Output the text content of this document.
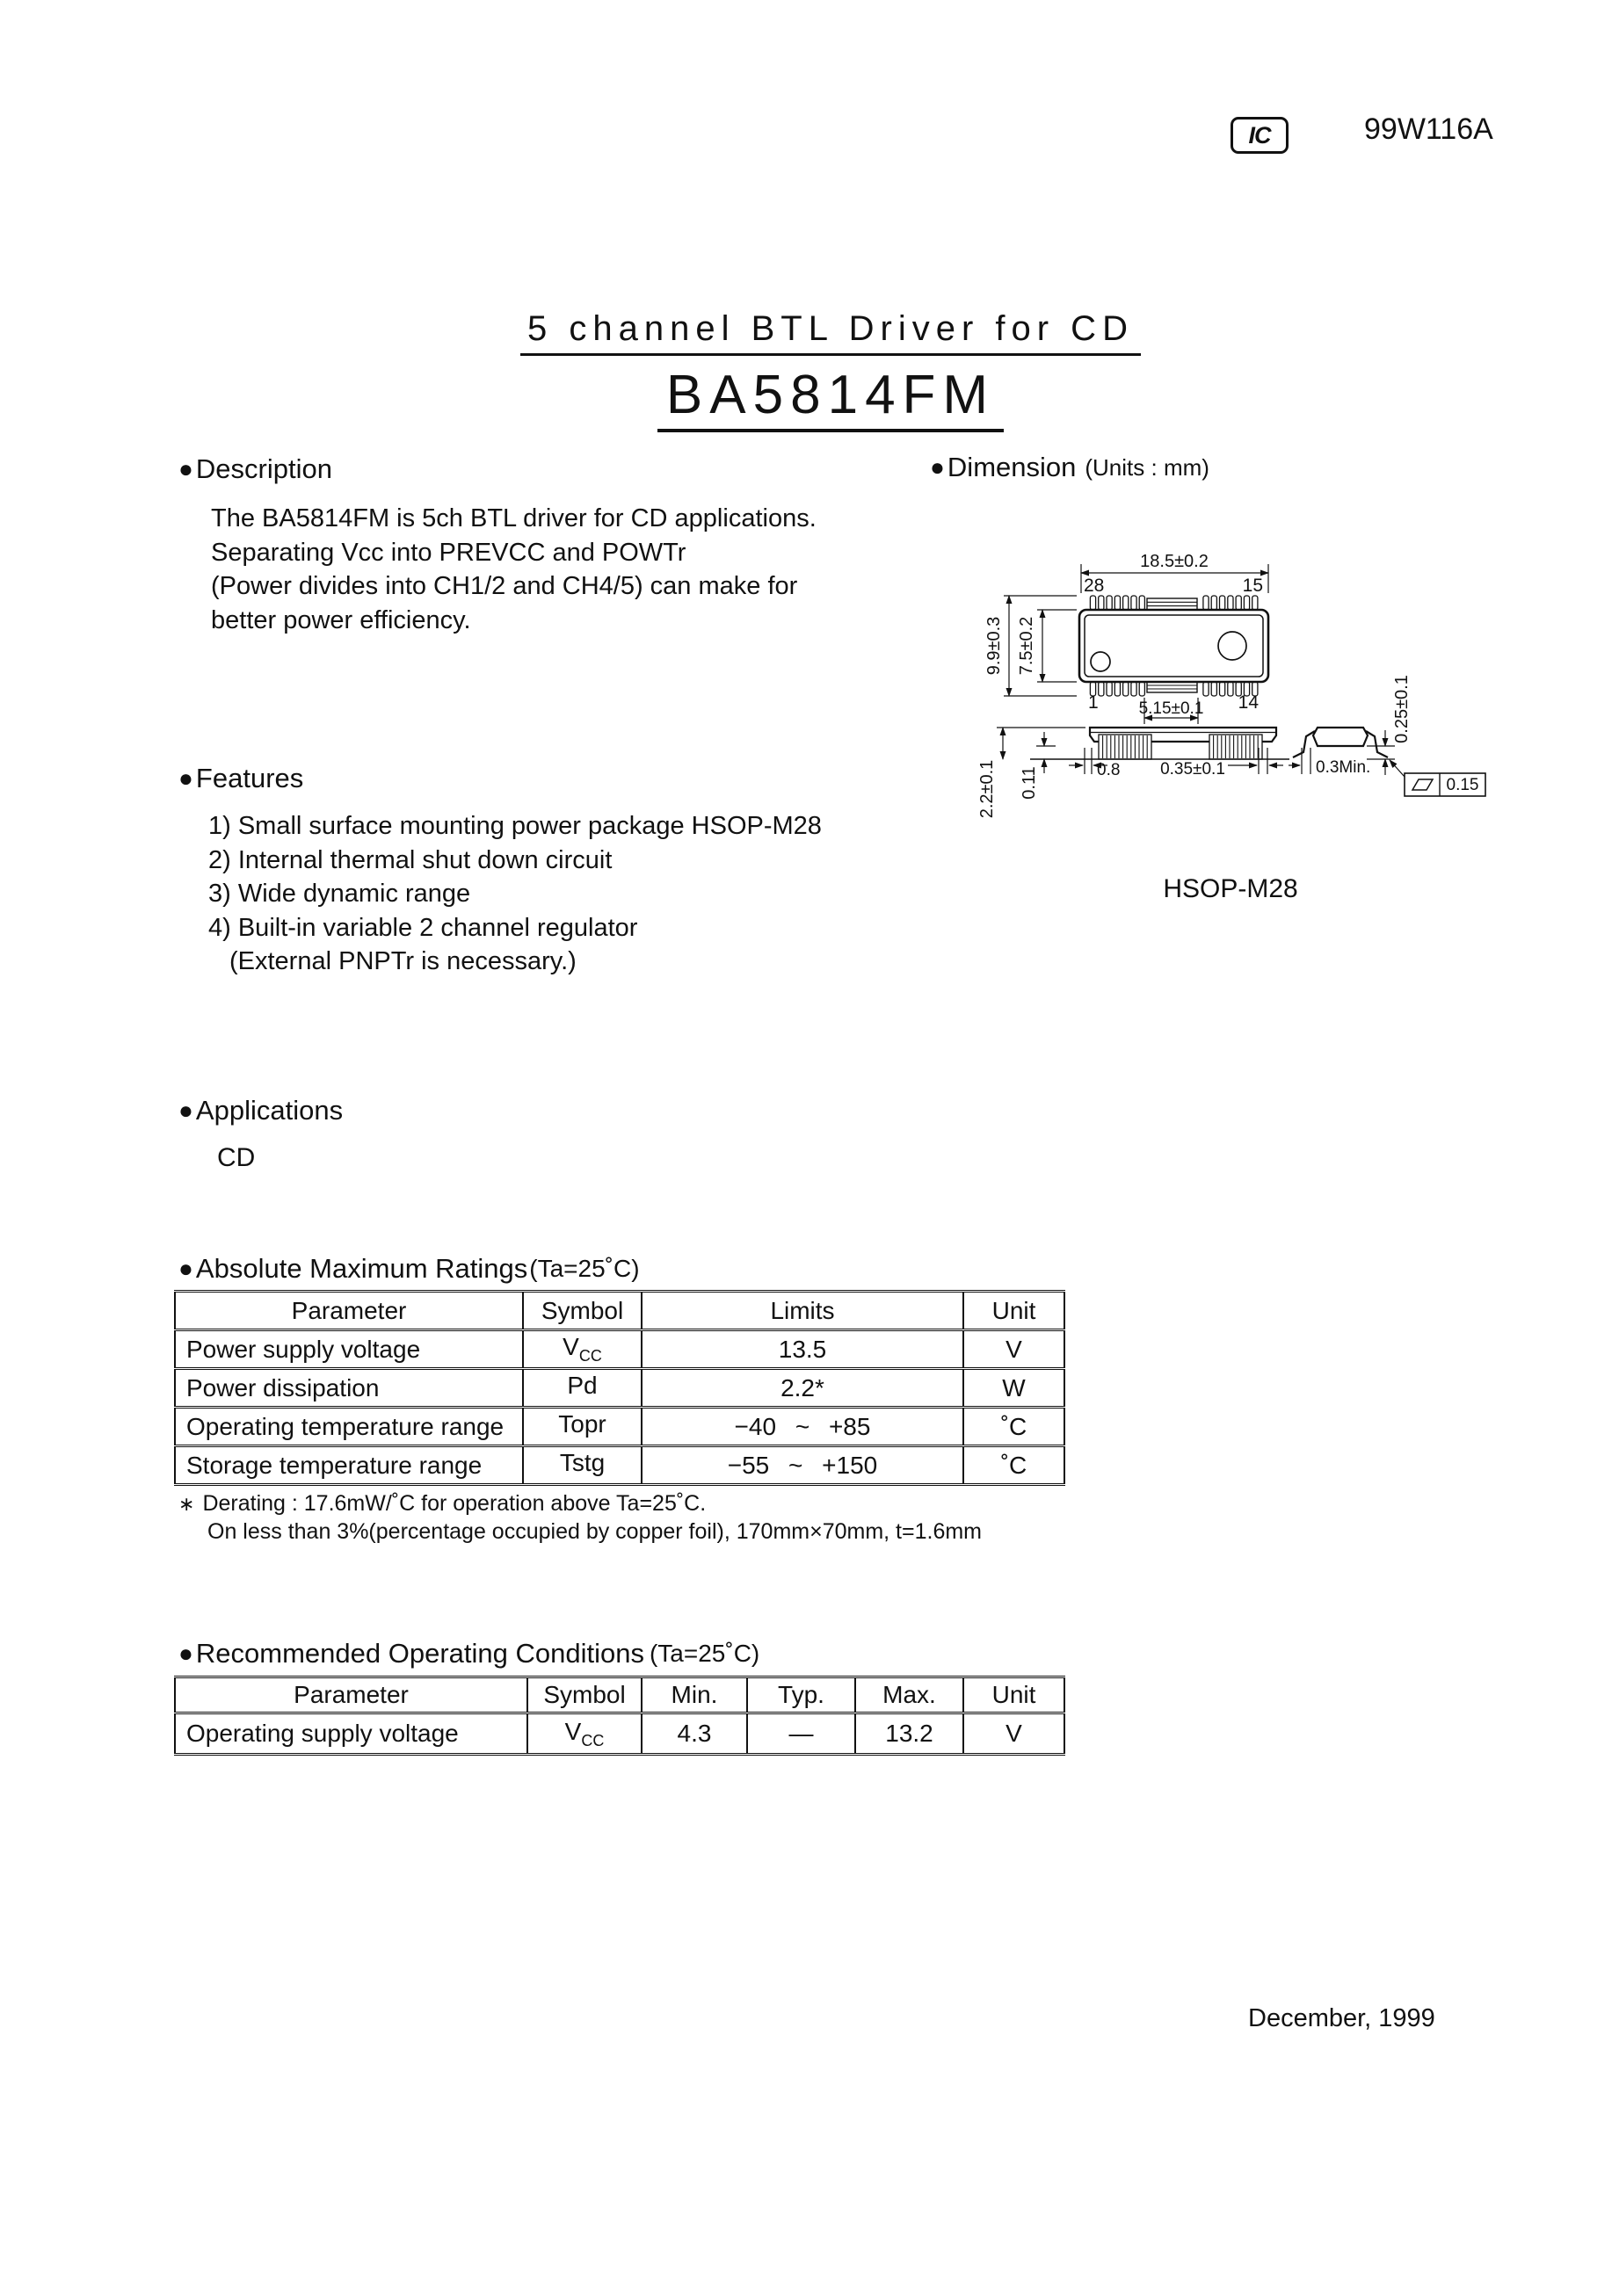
IC	99W116A
5 channel BTL Driver for CD
BA5814FM
● Description
The BA5814FM is 5ch BTL driver for CD applications.
Separating Vcc into PREVCC and POWTr
(Power divides into CH1/2 and CH4/5) can make for
better power efficiency.
● Dimension (Units : mm)
18.5±0.2
9.9±0.3 7.5±0.2
5.15±0.1
28	15
1	14
2.2±0.1 0.11	0.8 0.35±0.1	0.3Min.
0.25±0.1
0.15
HSOP-M28
● Features
1) Small surface mounting power package HSOP-M28
2) Internal thermal shut down circuit
3) Wide dynamic range
4) Built-in variable 2 channel regulator
(External PNPTr is necessary.)
● Applications
CD
● Absolute Maximum Ratings (Ta=25˚C)
Parameter	Symbol	Limits	Unit
Power supply voltage	$V_{CC}$	13.5	V
Power dissipation	Pd	2.2*	W
Operating temperature range	Topr	−40 ~ +85	˚C
Storage temperature range	Tstg	−55 ~ +150	˚C
∗ Derating : 17.6mW/˚C for operation above Ta=25˚C.
On less than 3%(percentage occupied by copper foil), 170mm×70mm, t=1.6mm
● Recommended Operating Conditions (Ta=25˚C)
Parameter	Symbol	Min.	Typ.	Max.	Unit
Operating supply voltage	$V_{CC}$	4.3	—	13.2	V
December, 1999
